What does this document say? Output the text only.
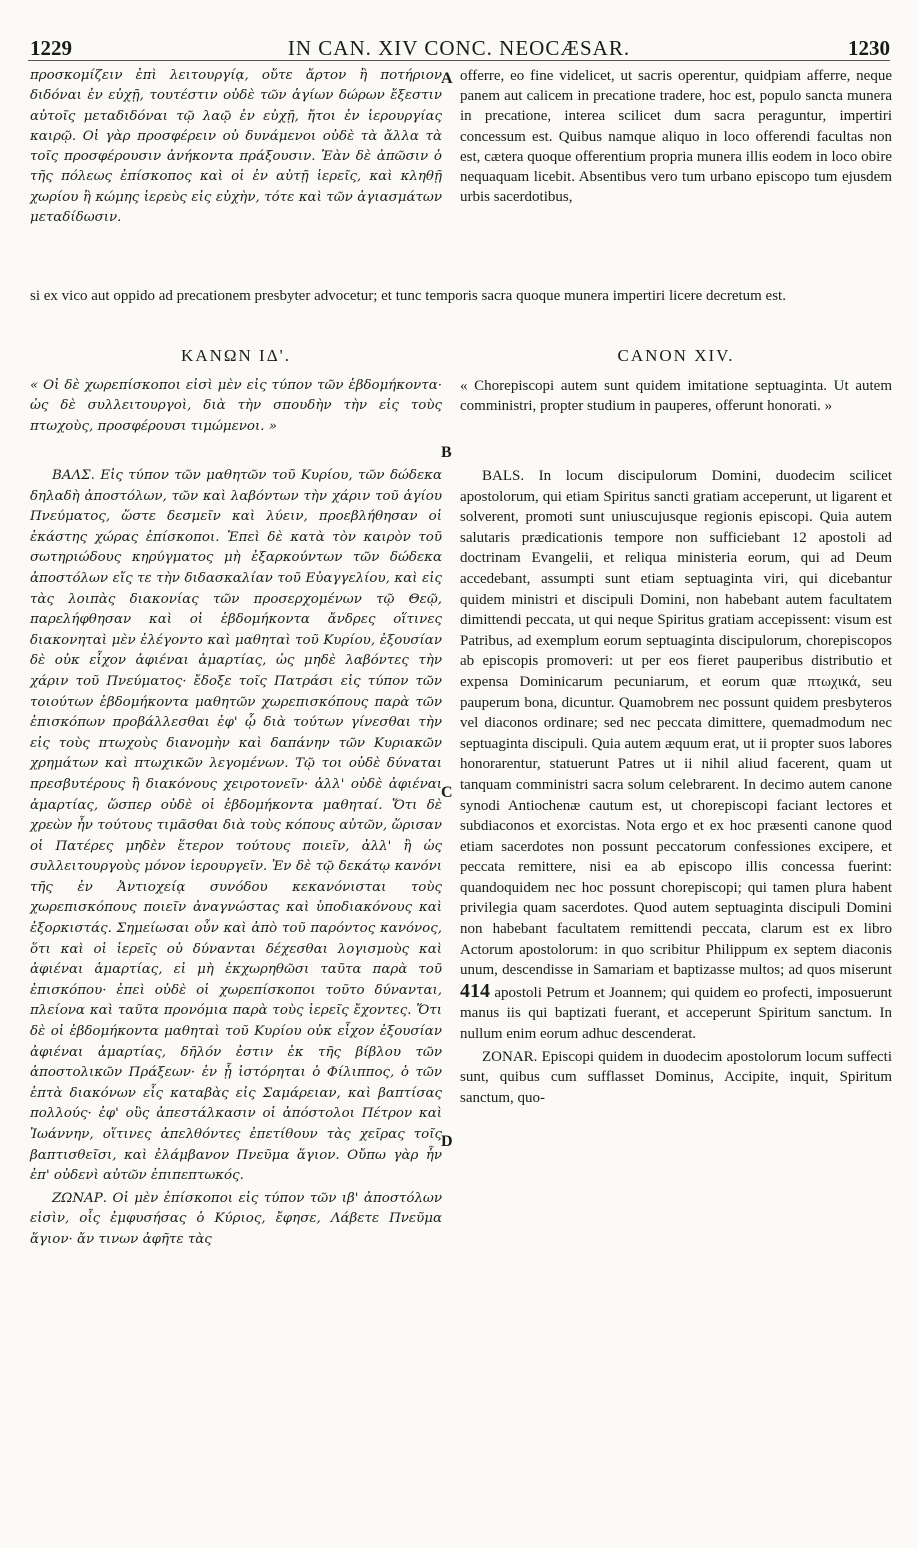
1229	IN CAN. XIV CONC. NEOCÆSAR.	1230

προσκομίζειν ἐπὶ λειτουργίᾳ, οὔτε ἄρτον ἢ ποτήριον διδόναι ἐν εὐχῇ, τουτέστιν οὐδὲ τῶν ἁγίων δώρων ἔξεστιν αὐτοῖς μεταδιδόναι τῷ λαῷ ἐν εὐχῇ, ἤτοι ἐν ἱερουργίας καιρῷ. Οἱ γὰρ προσφέρειν οὐ δυνάμενοι οὐδὲ τὰ ἄλλα τὰ τοῖς προσφέρουσιν ἀνήκοντα πράξουσιν. Ἐὰν δὲ ἀπῶσιν ὁ τῆς πόλεως ἐπίσκοπος καὶ οἱ ἐν αὐτῇ ἱερεῖς, καὶ κληθῇ χωρίου ἢ κώμης ἱερεὺς εἰς εὐχὴν, τότε καὶ τῶν ἁγιασμάτων μεταδίδωσιν.

A offerre, eo fine videlicet, ut sacris operentur, quidpiam afferre, neque panem aut calicem in precatione tradere, hoc est, populo sancta munera in precatione, interea scilicet dum sacra peraguntur, impertiri concessum est. Quibus namque aliquo in loco offerendi facultas non est, cætera quoque offerentium propria munera illis eodem in loco obire nequaquam licebit. Absentibus vero tum urbano episcopo tum ejusdem urbis sacerdotibus,

si ex vico aut oppido ad precationem presbyter advocetur; et tunc temporis sacra quoque munera impertiri licere decretum est.
ΚΑΝΩΝ ΙΔ'.	CANON XIV.

« Οἱ δὲ χωρεπίσκοποι εἰσὶ μὲν εἰς τύπον τῶν ἑβδομήκοντα· ὡς δὲ συλλειτουργοὶ, διὰ τὴν σπουδὴν τὴν εἰς τοὺς πτωχοὺς, προσφέρουσι τιμώμενοι. »

B

« Chorepiscopi autem sunt quidem imitatione septuaginta. Ut autem comministri, propter studium in pauperes, offerunt honorati. »

ΒΑΛΣ. Εἰς τύπον τῶν μαθητῶν τοῦ Κυρίου, τῶν δώδεκα δηλαδὴ ἀποστόλων, τῶν καὶ λαβόντων τὴν χάριν τοῦ ἁγίου Πνεύματος, ὥστε δεσμεῖν καὶ λύειν, προεβλήθησαν οἱ ἑκάστης χώρας ἐπίσκοποι. Ἐπεὶ δὲ κατὰ τὸν καιρὸν τοῦ σωτηριώδους κηρύγματος μὴ ἐξαρκούντων τῶν δώδεκα ἀποστόλων εἴς τε τὴν διδασκαλίαν τοῦ Εὐαγγελίου, καὶ εἰς τὰς λοιπὰς διακονίας τῶν προσερχομένων τῷ Θεῷ, παρελήφθησαν καὶ οἱ ἑβδομήκοντα ἄνδρες οἵτινες διακονηταὶ μὲν ἐλέγοντο καὶ μαθηταὶ τοῦ Κυρίου, ἐξουσίαν δὲ οὐκ εἶχον ἀφιέναι ἁμαρτίας, ὡς μηδὲ λαβόντες τὴν χάριν τοῦ Πνεύματος· ἔδοξε τοῖς Πατράσι εἰς τύπον τῶν τοιούτων ἑβδομήκοντα μαθητῶν χωρεπισκόπους παρὰ τῶν ἐπισκόπων προβάλλεσθαι ἐφ' ᾧ διὰ τούτων γίνεσθαι τὴν εἰς τοὺς πτωχοὺς διανομὴν καὶ δαπάνην τῶν Κυριακῶν χρημάτων καὶ πτωχικῶν λεγομένων. Τῷ τοι οὐδὲ δύναται πρεσβυτέρους ἢ διακόνους χειροτονεῖν· ἀλλ' οὐδὲ ἀφιέναι ἁμαρτίας, ὥσπερ οὐδὲ οἱ ἑβδομήκοντα μαθηταί. Ὅτι δὲ χρεὼν ἦν τούτους τιμᾶσθαι διὰ τοὺς κόπους αὐτῶν, ὥρισαν οἱ Πατέρες μηδὲν ἕτερον τούτους ποιεῖν, ἀλλ' ἢ ὡς συλλειτουργοὺς μόνον ἱερουργεῖν. Ἐν δὲ τῷ δεκάτῳ κανόνι τῆς ἐν Ἀντιοχείᾳ συνόδου κεκανόνισται τοὺς χωρεπισκόπους ποιεῖν ἀναγνώστας καὶ ὑποδιακόνους καὶ ἐξορκιστάς. Σημείωσαι οὖν καὶ ἀπὸ τοῦ παρόντος κανόνος, ὅτι καὶ οἱ ἱερεῖς οὐ δύνανται δέχεσθαι λογισμοὺς καὶ ἀφιέναι ἁμαρτίας, εἰ μὴ ἐκχωρηθῶσι ταῦτα παρὰ τοῦ ἐπισκόπου· ἐπεὶ οὐδὲ οἱ χωρεπίσκοποι τοῦτο δύνανται, πλείονα καὶ ταῦτα προνόμια παρὰ τοὺς ἱερεῖς ἔχοντες. Ὅτι δὲ οἱ ἑβδομήκοντα μαθηταὶ τοῦ Κυρίου οὐκ εἶχον ἐξουσίαν ἀφιέναι ἁμαρτίας, δῆλόν ἐστιν ἐκ τῆς βίβλου τῶν ἀποστολικῶν Πράξεων· ἐν ᾗ ἱστόρηται ὁ Φίλιππος, ὁ τῶν ἑπτὰ διακόνων εἷς καταβὰς εἰς Σαμάρειαν, καὶ βαπτίσας πολλούς· ἐφ' οὓς ἀπεστάλκασιν οἱ ἀπόστολοι Πέτρον καὶ Ἰωάννην, οἵτινες ἀπελθόντες ἐπετίθουν τὰς χεῖρας τοῖς βαπτισθεῖσι, καὶ ἐλάμβανον Πνεῦμα ἅγιον. Οὔπω γὰρ ἦν ἐπ' οὐδενὶ αὐτῶν ἐπιπεπτωκός.

ΖΩΝΑΡ. Οἱ μὲν ἐπίσκοποι εἰς τύπον τῶν ιβ' ἀποστόλων εἰσὶν, οἷς ἐμφυσήσας ὁ Κύριος, ἔφησε, Λάβετε Πνεῦμα ἅγιον· ἄν τινων ἀφῆτε τὰς

C
D

BALS. In locum discipulorum Domini, duodecim scilicet apostolorum, qui etiam Spiritus sancti gratiam acceperunt, ut ligarent et solverent, promoti sunt uniuscujusque regionis episcopi. Quia autem salutaris prædicationis tempore non sufficiebant 12 apostoli ad doctrinam Evangelii, et reliqua ministeria eorum, qui ad Deum accedebant, assumpti sunt etiam septuaginta viri, qui dicebantur quidem ministri et discipuli Domini, non habebant autem facultatem dimittendi peccata, ut qui neque Spiritus gratiam accepissent: visum est Patribus, ad exemplum eorum septuaginta discipulorum, chorepiscopos ab episcopis promoveri: ut per eos fieret pauperibus distributio et expensa Dominicarum pecuniarum, et eorum quæ πτωχικά, seu pauperum bona, dicuntur. Quamobrem nec possunt quidem presbyteros vel diaconos ordinare; sed nec peccata dimittere, quemadmodum nec septuaginta discipuli. Quia autem æquum erat, ut ii propter suos labores honorarentur, statuerunt Patres ut ii nihil aliud facerent, quam ut tanquam comministri sacra solum celebrarent. In decimo autem canone synodi Antiochenæ cautum est, ut chorepiscopi faciant lectores et subdiaconos et exorcistas. Nota ergo et ex hoc præsenti canone quod etiam sacerdotes non possunt peccatorum confessiones excipere, et peccata remittere, nisi ea ab episcopo illis concessa fuerint: quandoquidem nec hoc possunt chorepiscopi; qui tamen plura habent privilegia quam sacerdotes. Quod autem septuaginta discipuli Domini non habebant facultatem remittendi peccata, clarum est ex libro Actorum apostolorum: in quo scribitur Philippum ex septem diaconis unum, descendisse in Samariam et baptizasse multos; ad quos miserunt 414 apostoli Petrum et Joannem; qui quidem eo profecti, imposuerunt manus iis qui baptizati fuerant, et acceperunt Spiritum sanctum. In nullum enim eorum adhuc descenderat.

ZONAR. Episcopi quidem in duodecim apostolorum locum suffecti sunt, quibus cum sufflasset Dominus, Accipite, inquit, Spiritum sanctum, quo-
